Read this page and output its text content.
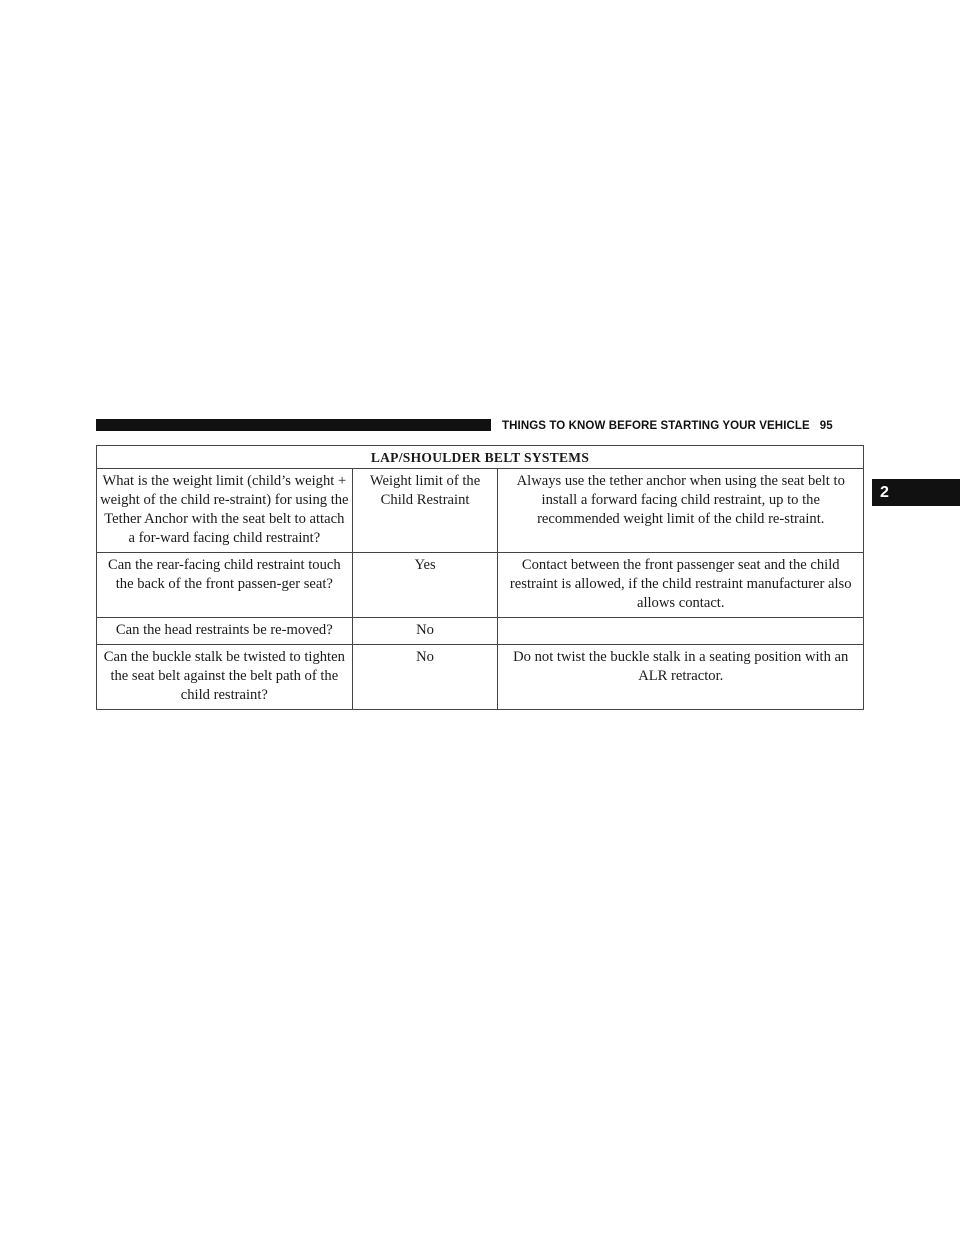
THINGS TO KNOW BEFORE STARTING YOUR VEHICLE 95
2
LAP/SHOULDER BELT SYSTEMS		
What is the weight limit (child’s weight + weight of the child re-straint) for using the Tether Anchor with the seat belt to attach a for-ward facing child restraint?	Weight limit of the Child Restraint	Always use the tether anchor when using the seat belt to install a forward facing child restraint, up to the recommended weight limit of the child re-straint.
Can the rear-facing child restraint touch the back of the front passen-ger seat?	Yes	Contact between the front passenger seat and the child restraint is allowed, if the child restraint manufacturer also allows contact.
Can the head restraints be re-moved?	No	
Can the buckle stalk be twisted to tighten the seat belt against the belt path of the child restraint?	No	Do not twist the buckle stalk in a seating position with an ALR retractor.
